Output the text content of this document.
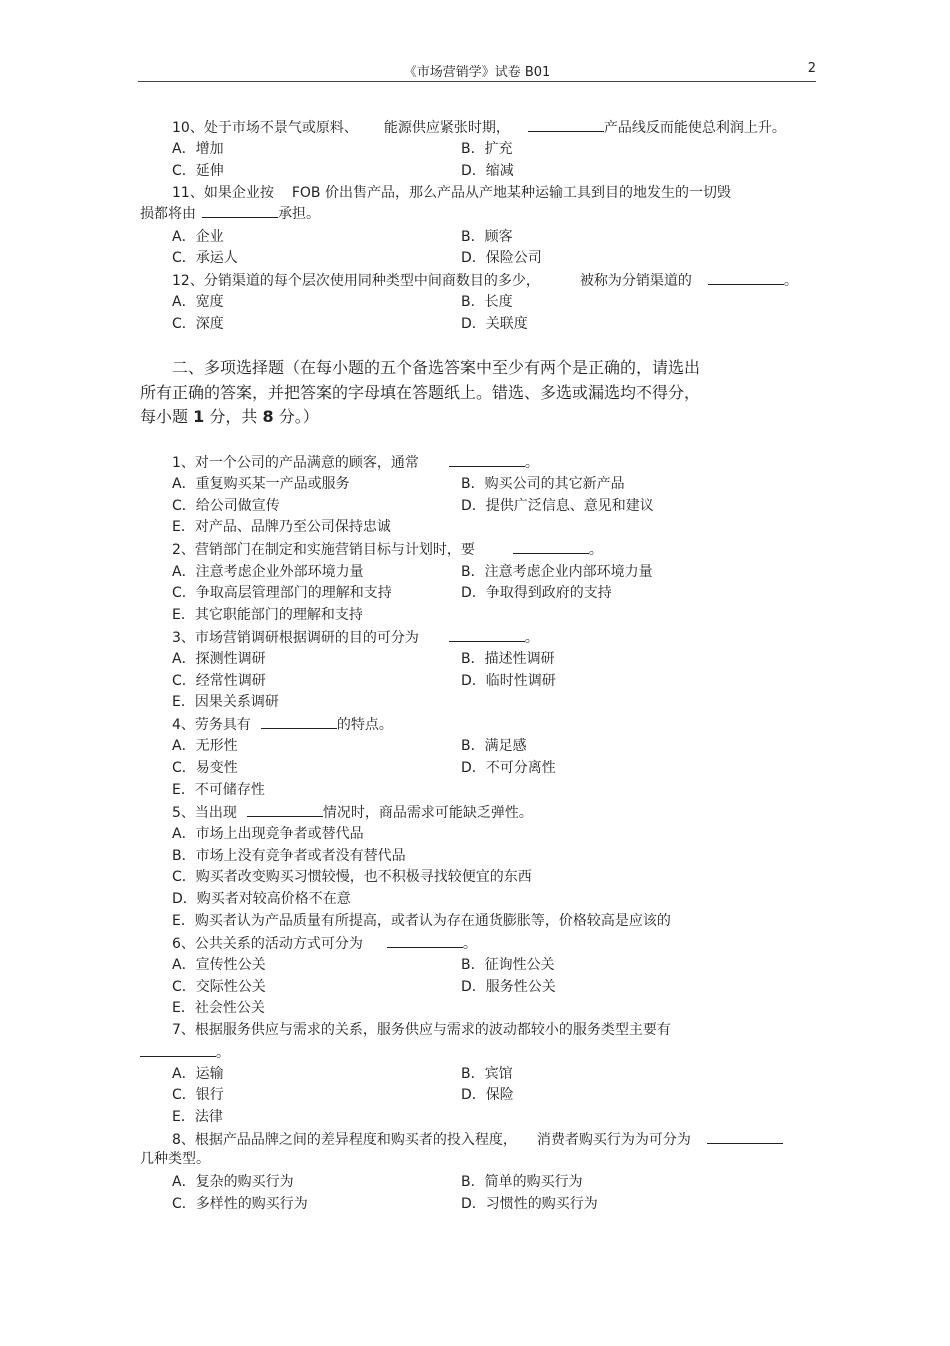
《市场营销学》试卷 B01	2
10、处于市场不景气或原料、 能源供应紧张时期，	产品线反而能使总利润上升。
A．增加	B．扩充
C．延伸	D．缩减
11、如果企业按 FOB 价出售产品，那么产品从产地某种运输工具到目的地发生的一切毁
损都将由	承担。
A．企业	B．顾客
C．承运人	D．保险公司
12、分销渠道的每个层次使用同种类型中间商数目的多少，	被称为分销渠道的	。
A．宽度	B．长度
C．深度	D．关联度
二、多项选择题（在每小题的五个备选答案中至少有两个是正确的，请选出
所有正确的答案，并把答案的字母填在答题纸上。错选、多选或漏选均不得分，
每小题 1 分，共 8 分。）
1、对一个公司的产品满意的顾客，通常	。
A．重复购买某一产品或服务	B．购买公司的其它新产品
C．给公司做宣传	D．提供广泛信息、意见和建议
E．对产品、品牌乃至公司保持忠诚
2、营销部门在制定和实施营销目标与计划时，要	。
A．注意考虑企业外部环境力量	B．注意考虑企业内部环境力量
C．争取高层管理部门的理解和支持	D．争取得到政府的支持
E．其它职能部门的理解和支持
3、市场营销调研根据调研的目的可分为	。
A．探测性调研	B．描述性调研
C．经常性调研	D．临时性调研
E．因果关系调研
4、劳务具有	的特点。
A．无形性	B．满足感
C．易变性	D．不可分离性
E．不可储存性
5、当出现	情况时，商品需求可能缺乏弹性。
A．市场上出现竞争者或替代品
B．市场上没有竞争者或者没有替代品
C．购买者改变购买习惯较慢，也不积极寻找较便宜的东西
D．购买者对较高价格不在意
E．购买者认为产品质量有所提高，或者认为存在通货膨胀等，价格较高是应该的
6、公共关系的活动方式可分为	。
A．宣传性公关	B．征询性公关
C．交际性公关	D．服务性公关
E．社会性公关
7、根据服务供应与需求的关系，服务供应与需求的波动都较小的服务类型主要有
。
A．运输	B．宾馆
C．银行	D．保险
E．法律
8、根据产品品牌之间的差异程度和购买者的投入程度， 消费者购买行为为可分为
几种类型。
A．复杂的购买行为	B．简单的购买行为
C．多样性的购买行为	D．习惯性的购买行为
